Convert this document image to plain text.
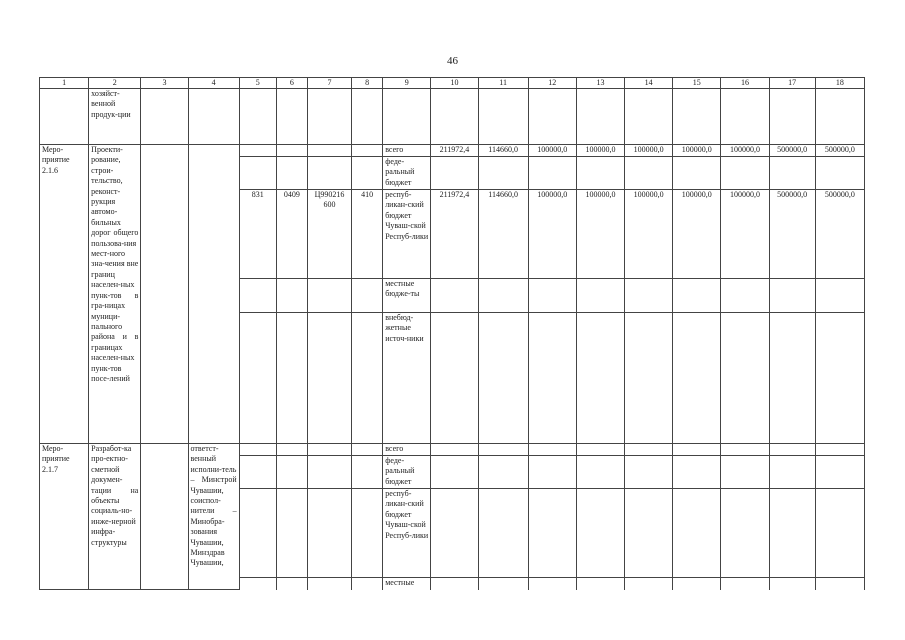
46
1	2	3	4	5	6	7	8	9	10	11	12	13	14	15	16	17	18
	хозяйст-венной продук-ции																
Меро-приятие 2.1.6	Проекти-рование, строи-тельство, реконст-рукция автомо-бильных дорог общего пользова-ния мест-ного зна-чения вне границ населен-ных пунк-тов в гра-ницах муници-пального района и в границах населен-ных пунк-тов посе-лений							всего	211972,4	114660,0	100000,0	100000,0	100000,0	100000,0	100000,0	500000,0	500000,0
								феде-ральный бюджет									
				831	0409	Ц990216 600	410	респуб-ликан-ский бюджет Чуваш-ской Респуб-лики	211972,4	114660,0	100000,0	100000,0	100000,0	100000,0	100000,0	500000,0	500000,0
								местные бюдже-ты									
								внебюд-жетные источ-ники									
Меро-приятие 2.1.7	Разработ-ка про-ектно-сметной докумен-тации на объекты социаль-но-инже-нерной инфра-структуры		ответст-венный исполни-тель – Минстрой Чувашии, соиспол-нители – Минобра-зования Чувашии, Минздрав Чувашии,					всего									
								феде-ральный бюджет									
								респуб-ликан-ский бюджет Чуваш-ской Респуб-лики									
								местные									
